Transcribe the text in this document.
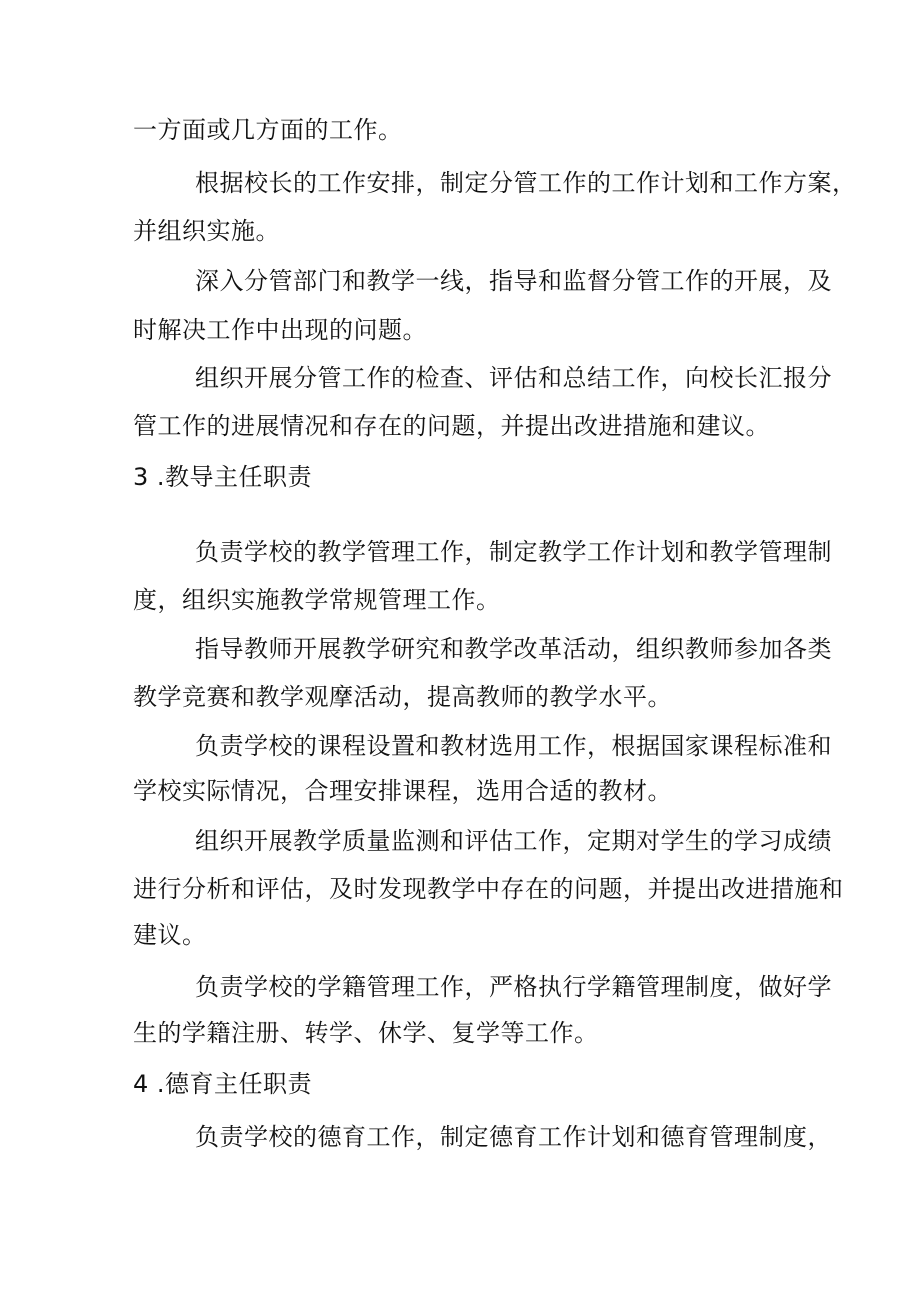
一方面或几方面的工作。
根据校长的工作安排，制定分管工作的工作计划和工作方案，
并组织实施。
深入分管部门和教学一线，指导和监督分管工作的开展，及
时解决工作中出现的问题。
组织开展分管工作的检查、评估和总结工作，向校长汇报分
管工作的进展情况和存在的问题，并提出改进措施和建议。
3 .教导主任职责
负责学校的教学管理工作，制定教学工作计划和教学管理制
度，组织实施教学常规管理工作。
指导教师开展教学研究和教学改革活动，组织教师参加各类
教学竞赛和教学观摩活动，提高教师的教学水平。
负责学校的课程设置和教材选用工作，根据国家课程标准和
学校实际情况，合理安排课程，选用合适的教材。
组织开展教学质量监测和评估工作，定期对学生的学习成绩
进行分析和评估，及时发现教学中存在的问题，并提出改进措施和
建议。
负责学校的学籍管理工作，严格执行学籍管理制度，做好学
生的学籍注册、转学、休学、复学等工作。
4 .德育主任职责
负责学校的德育工作，制定德育工作计划和德育管理制度，
